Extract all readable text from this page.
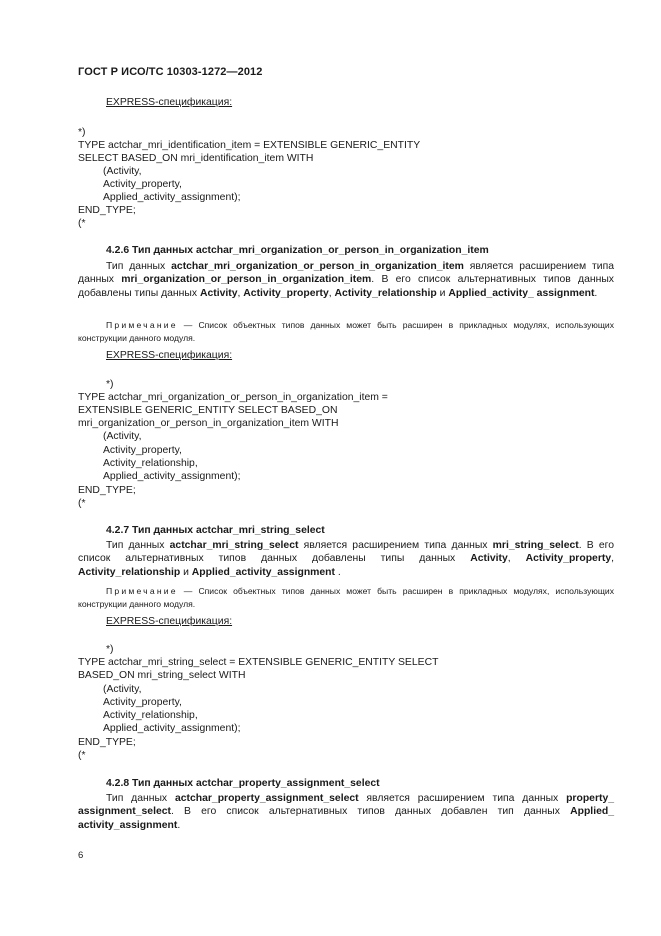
ГОСТ Р ИСО/ТС 10303-1272—2012
EXPRESS-спецификация:
*)
TYPE actchar_mri_identification_item = EXTENSIBLE GENERIC_ENTITY
SELECT BASED_ON mri_identification_item WITH
(Activity,
Activity_property,
Applied_activity_assignment);
END_TYPE;
(*
4.2.6 Тип данных actchar_mri_organization_or_person_in_organization_item
Тип данных actchar_mri_organization_or_person_in_organization_item является расширением типа данных mri_organization_or_person_in_organization_item. В его список альтернативных типов данных добавлены типы данных Activity, Activity_property, Activity_relationship и Applied_activity_ assignment.
Примечание — Список объектных типов данных может быть расширен в прикладных модулях, использующих конструкции данного модуля.
EXPRESS-спецификация:
*)
TYPE actchar_mri_organization_or_person_in_organization_item =
EXTENSIBLE GENERIC_ENTITY SELECT BASED_ON
mri_organization_or_person_in_organization_item WITH
(Activity,
Activity_property,
Activity_relationship,
Applied_activity_assignment);
END_TYPE;
(*
4.2.7 Тип данных actchar_mri_string_select
Тип данных actchar_mri_string_select является расширением типа данных mri_string_select. В его список альтернативных типов данных добавлены типы данных Activity, Activity_property, Activity_relationship и Applied_activity_assignment .
Примечание — Список объектных типов данных может быть расширен в прикладных модулях, использующих конструкции данного модуля.
EXPRESS-спецификация:
*)
TYPE actchar_mri_string_select = EXTENSIBLE GENERIC_ENTITY SELECT
BASED_ON mri_string_select WITH
(Activity,
Activity_property,
Activity_relationship,
Applied_activity_assignment);
END_TYPE;
(*
4.2.8 Тип данных actchar_property_assignment_select
Тип данных actchar_property_assignment_select является расширением типа данных property_ assignment_select. В его список альтернативных типов данных добавлен тип данных Applied_ activity_assignment.
6
